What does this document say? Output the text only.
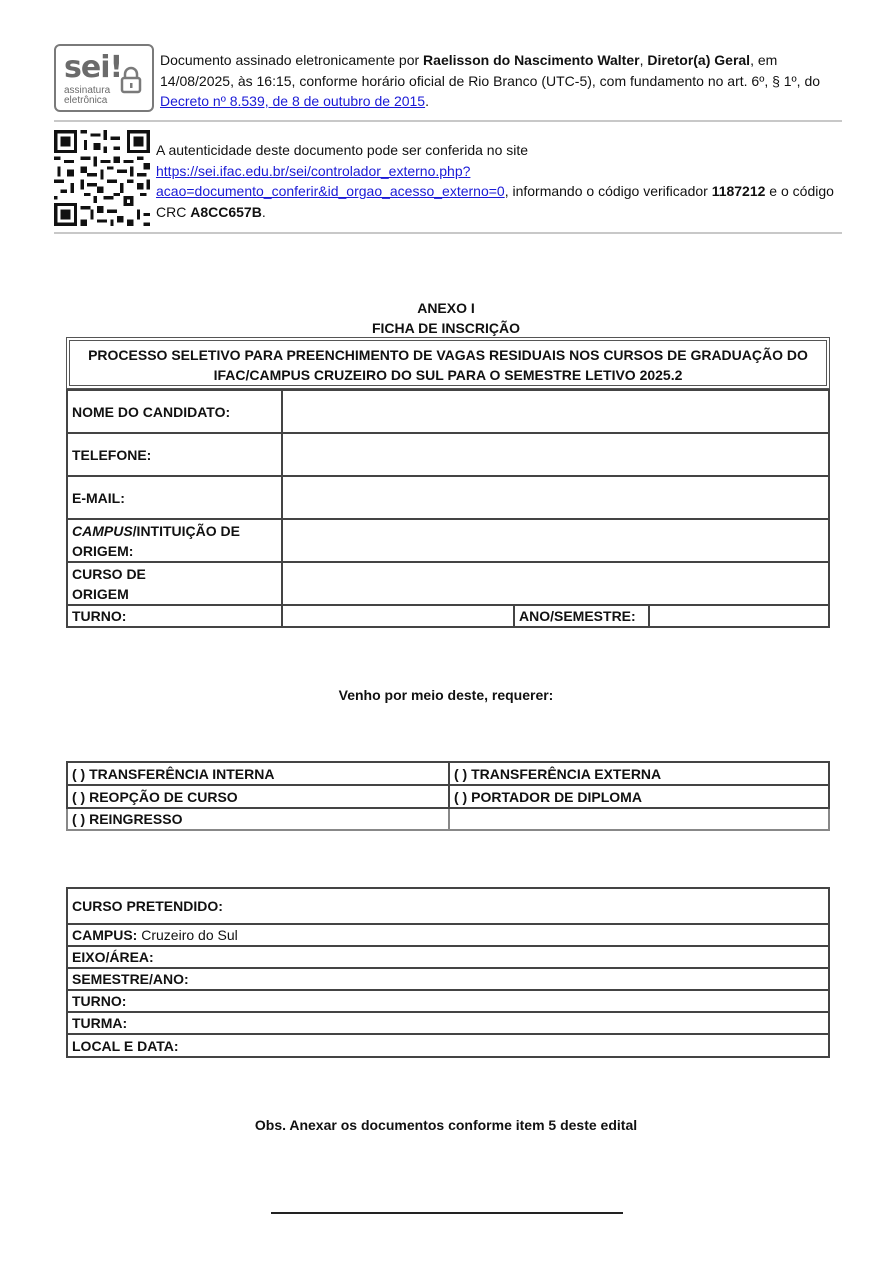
sei!
assinatura eletrônica
Documento assinado eletronicamente por Raelisson do Nascimento Walter, Diretor(a) Geral, em 14/08/2025, às 16:15, conforme horário oficial de Rio Branco (UTC-5), com fundamento no art. 6º, § 1º, do Decreto nº 8.539, de 8 de outubro de 2015.
A autenticidade deste documento pode ser conferida no site
https://sei.ifac.edu.br/sei/controlador_externo.php?
acao=documento_conferir&id_orgao_acesso_externo=0, informando o código verificador 1187212 e o código CRC A8CC657B.
ANEXO I
FICHA DE INSCRIÇÃO
PROCESSO SELETIVO PARA PREENCHIMENTO DE VAGAS RESIDUAIS NOS CURSOS DE GRADUAÇÃO DO
IFAC/CAMPUS CRUZEIRO DO SUL PARA O SEMESTRE LETIVO 2025.2
NOME DO CANDIDATO:			
TELEFONE:			
E-MAIL:			
CAMPUS/INTITUIÇÃO DE
ORIGEM:			
CURSO DE
ORIGEM			
TURNO:		ANO/SEMESTRE:	
Venho por meio deste, requerer:
( ) TRANSFERÊNCIA INTERNA	( ) TRANSFERÊNCIA EXTERNA
( ) REOPÇÃO DE CURSO	( ) PORTADOR DE DIPLOMA
( ) REINGRESSO	
CURSO PRETENDIDO:
CAMPUS: Cruzeiro do Sul
EIXO/ÁREA:
SEMESTRE/ANO:
TURNO:
TURMA:
LOCAL E DATA:
Obs. Anexar os documentos conforme item 5 deste edital
